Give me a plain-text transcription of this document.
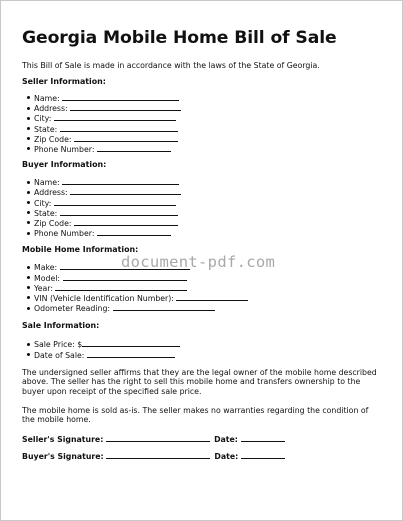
Georgia Mobile Home Bill of Sale

This Bill of Sale is made in accordance with the laws of the State of Georgia.

Seller Information:
Name:
Address:
City:
State:
Zip Code:
Phone Number:
Buyer Information:
Name:
Address:
City:
State:
Zip Code:
Phone Number:
Mobile Home Information:
Make:
Model:
Year:
VIN (Vehicle Identification Number):
Odometer Reading:
Sale Information:
Sale Price: $
Date of Sale:

The undersigned seller affirms that they are the legal owner of the mobile home described above. The seller has the right to sell this mobile home and transfers ownership to the buyer upon receipt of the specified sale price.

The mobile home is sold as-is. The seller makes no warranties regarding the condition of the mobile home.

Seller's Signature:	Date:
Buyer's Signature:	Date:
document-pdf.com
